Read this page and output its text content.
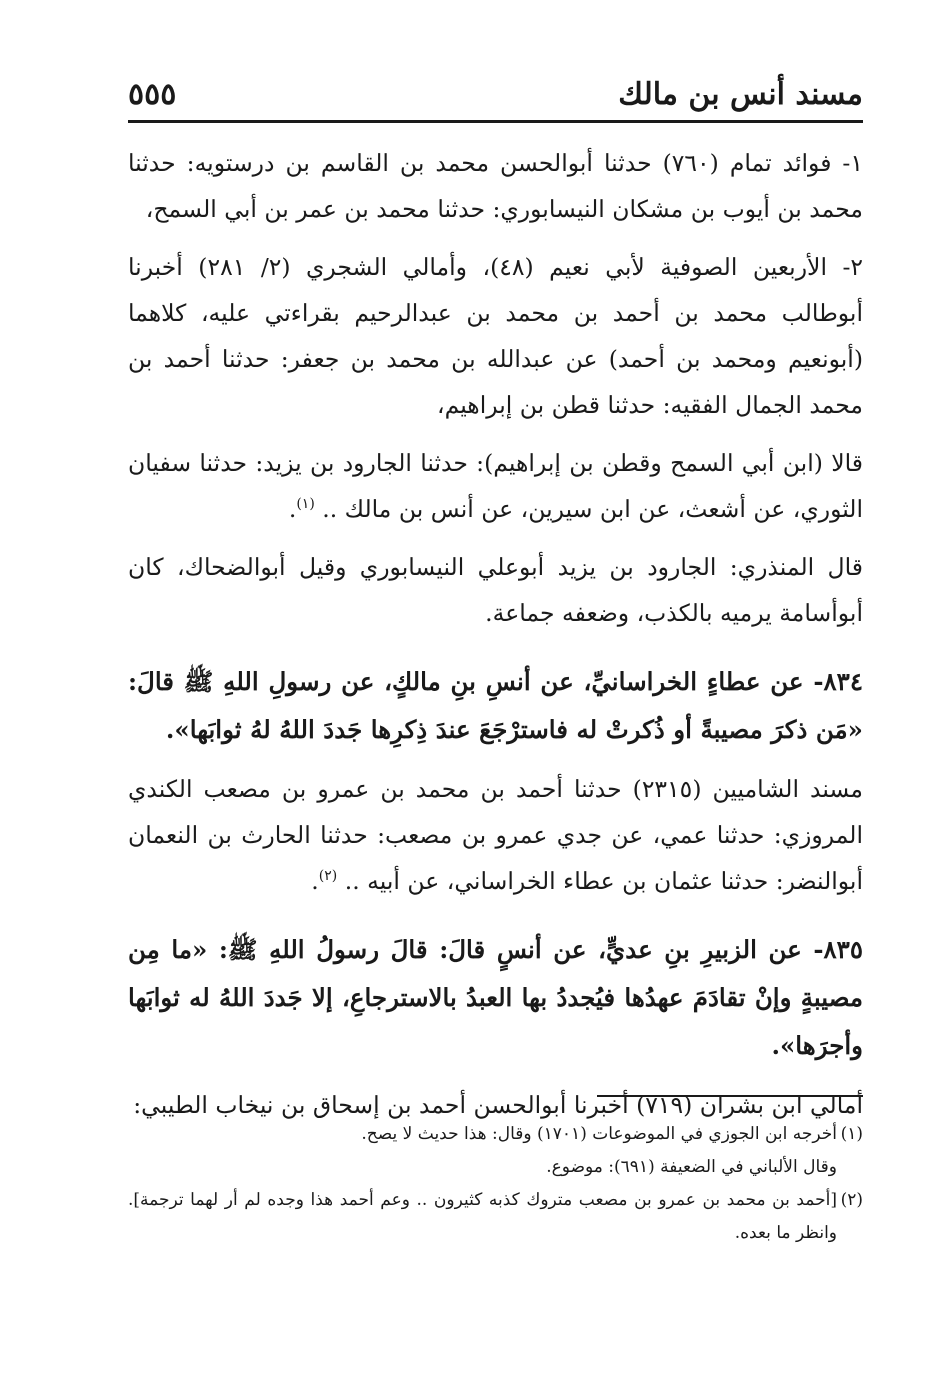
مسند أنس بن مالك
٥٥٥

١- فوائد تمام (٧٦٠) حدثنا أبوالحسن محمد بن القاسم بن درستويه: حدثنا محمد بن أيوب بن مشكان النيسابوري: حدثنا محمد بن عمر بن أبي السمح،

٢- الأربعين الصوفية لأبي نعيم (٤٨)، وأمالي الشجري (٢/ ٢٨١) أخبرنا أبوطالب محمد بن أحمد بن محمد بن عبدالرحيم بقراءتي عليه، كلاهما (أبونعيم ومحمد بن أحمد) عن عبدالله بن محمد بن جعفر: حدثنا أحمد بن محمد الجمال الفقيه: حدثنا قطن بن إبراهيم،

قالا (ابن أبي السمح وقطن بن إبراهيم): حدثنا الجارود بن يزيد: حدثنا سفيان الثوري، عن أشعث، عن ابن سيرين، عن أنس بن مالك .. $^{(١)}$.

قال المنذري: الجارود بن يزيد أبوعلي النيسابوري وقيل أبوالضحاك، كان أبوأسامة يرميه بالكذب، وضعفه جماعة.

٨٣٤- عن عطاءٍ الخراسانيِّ، عن أنسِ بنِ مالكٍ، عن رسولِ اللهِ ﷺ قالَ: «مَن ذكرَ مصيبةً أو ذُكرتْ له فاسترْجَعَ عندَ ذِكرِها جَددَ اللهُ لهُ ثوابَها».

مسند الشاميين (٢٣١٥) حدثنا أحمد بن محمد بن عمرو بن مصعب الكندي المروزي: حدثنا عمي، عن جدي عمرو بن مصعب: حدثنا الحارث بن النعمان أبوالنضر: حدثنا عثمان بن عطاء الخراساني، عن أبيه .. $^{(٢)}$.

٨٣٥- عن الزبيرِ بنِ عديٍّ، عن أنسٍ قالَ: قالَ رسولُ اللهِ ﷺ: «ما مِن مصيبةٍ وإنْ تقادَمَ عهدُها فيُجددُ بها العبدُ بالاسترجاعِ، إلا جَددَ اللهُ له ثوابَها وأجرَها».

أمالي ابن بشران (٧١٩) أخبرنا أبوالحسن أحمد بن إسحاق بن نيخاب الطيبي:

(١)
أخرجه ابن الجوزي في الموضوعات (١٧٠١) وقال: هذا حديث لا يصح.

وقال الألباني في الضعيفة (٦٩١): موضوع.

(٢)
[أحمد بن محمد بن عمرو بن مصعب متروك كذبه كثيرون .. وعم أحمد هذا وجده لم أر لهما ترجمة]. وانظر ما بعده.
